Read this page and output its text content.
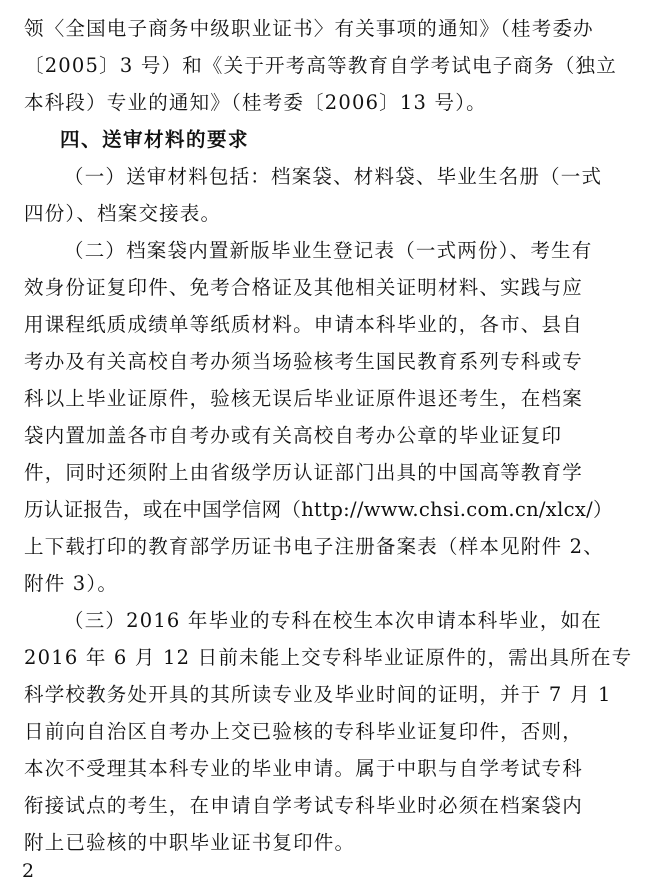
领〈全国电子商务中级职业证书〉有关事项的通知》（桂考委办
〔2005〕3 号）和《关于开考高等教育自学考试电子商务（独立
本科段）专业的通知》（桂考委〔2006〕13 号）。
四、送审材料的要求
（一）送审材料包括：档案袋、材料袋、毕业生名册（一式
四份）、档案交接表。
（二）档案袋内置新版毕业生登记表（一式两份）、考生有
效身份证复印件、免考合格证及其他相关证明材料、实践与应
用课程纸质成绩单等纸质材料。申请本科毕业的，各市、县自
考办及有关高校自考办须当场验核考生国民教育系列专科或专
科以上毕业证原件，验核无误后毕业证原件退还考生，在档案
袋内置加盖各市自考办或有关高校自考办公章的毕业证复印
件，同时还须附上由省级学历认证部门出具的中国高等教育学
历认证报告，或在中国学信网（http://www.chsi.com.cn/xlcx/）
上下载打印的教育部学历证书电子注册备案表（样本见附件 2、
附件 3）。
（三）2016 年毕业的专科在校生本次申请本科毕业，如在
2016 年 6 月 12 日前未能上交专科毕业证原件的，需出具所在专
科学校教务处开具的其所读专业及毕业时间的证明，并于 7 月 1
日前向自治区自考办上交已验核的专科毕业证复印件，否则，
本次不受理其本科专业的毕业申请。属于中职与自学考试专科
衔接试点的考生，在申请自学考试专科毕业时必须在档案袋内
附上已验核的中职毕业证书复印件。
2
